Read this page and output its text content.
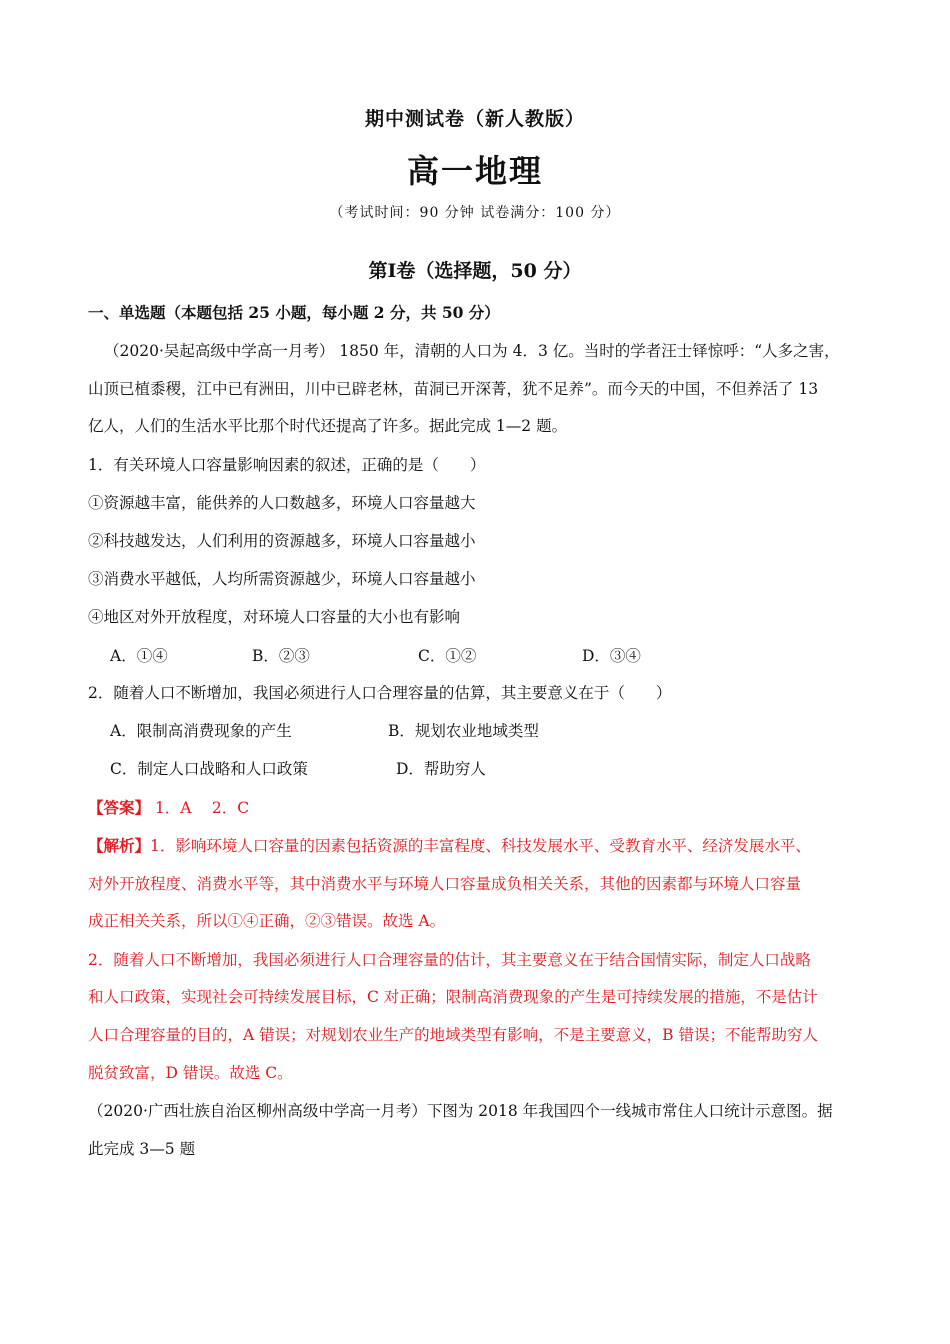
期中测试卷（新人教版）
高一地理
（考试时间：90 分钟 试卷满分：100 分）
第Ⅰ卷（选择题，50 分）
一、单选题（本题包括 25 小题，每小题 2 分，共 50 分）
（2020·吴起高级中学高一月考） 1850 年，清朝的人口为 4．3 亿。当时的学者汪士铎惊呼：“人多之害，
山顶已植黍稷，江中已有洲田，川中已辟老林，苗洞已开深菁，犹不足养”。而今天的中国，不但养活了 13
亿人，人们的生活水平比那个时代还提高了许多。据此完成 1—2 题。
1．有关环境人口容量影响因素的叙述，正确的是（　　）
①资源越丰富，能供养的人口数越多，环境人口容量越大
②科技越发达，人们利用的资源越多，环境人口容量越小
③消费水平越低，人均所需资源越少，环境人口容量越小
④地区对外开放程度，对环境人口容量的大小也有影响
A．①④	B．②③	C．①②	D．③④
2．随着人口不断增加，我国必须进行人口合理容量的估算，其主要意义在于（　　）
A．限制高消费现象的产生	B．规划农业地域类型
C．制定人口战略和人口政策	D．帮助穷人
【答案】 1．A　 2．C
【解析】1．影响环境人口容量的因素包括资源的丰富程度、科技发展水平、受教育水平、经济发展水平、
对外开放程度、消费水平等，其中消费水平与环境人口容量成负相关关系，其他的因素都与环境人口容量
成正相关关系，所以①④正确，②③错误。故选 A。
2．随着人口不断增加，我国必须进行人口合理容量的估计，其主要意义在于结合国情实际，制定人口战略
和人口政策，实现社会可持续发展目标，C 对正确；限制高消费现象的产生是可持续发展的措施，不是估计
人口合理容量的目的，A 错误；对规划农业生产的地域类型有影响，不是主要意义，B 错误；不能帮助穷人
脱贫致富，D 错误。故选 C。
（2020·广西壮族自治区柳州高级中学高一月考）下图为 2018 年我国四个一线城市常住人口统计示意图。据
此完成 3—5 题
